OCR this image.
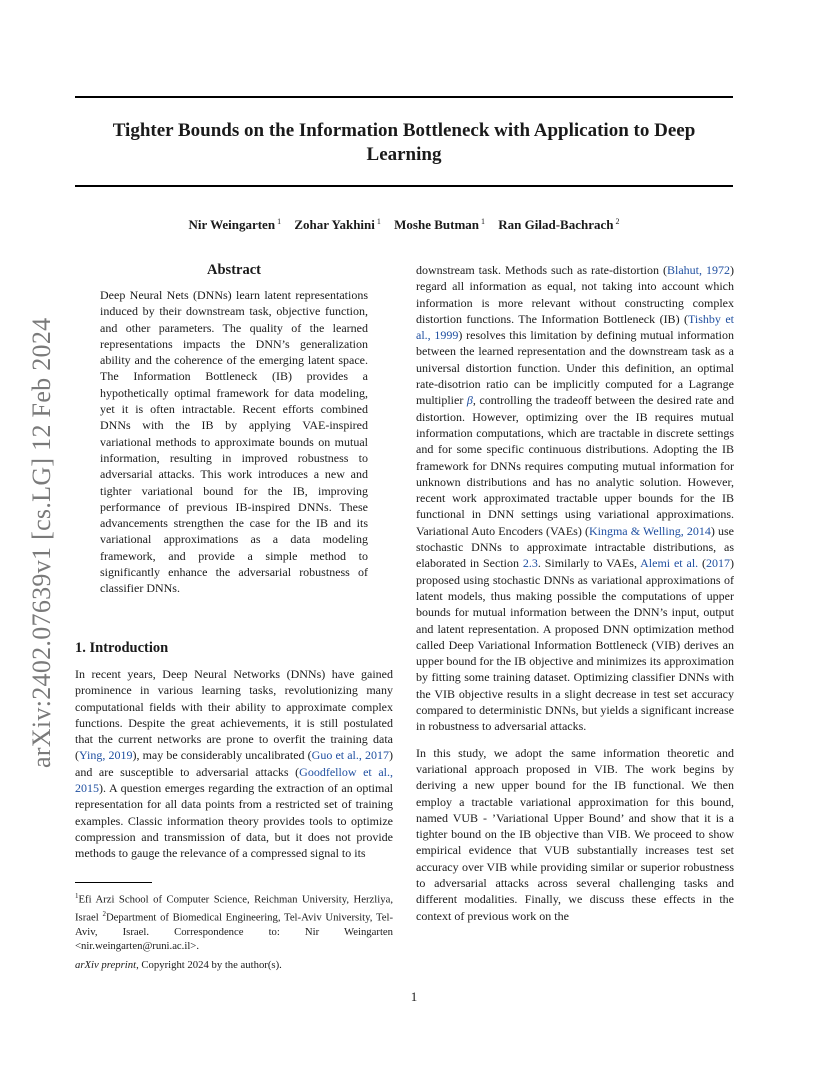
Tighter Bounds on the Information Bottleneck with Application to Deep Learning
Nir Weingarten $^1$ Zohar Yakhini $^1$ Moshe Butman $^1$ Ran Gilad-Bachrach $^2$
arXiv:2402.07639v1 [cs.LG] 12 Feb 2024
Abstract

Deep Neural Nets (DNNs) learn latent representations induced by their downstream task, objective function, and other parameters. The quality of the learned representations impacts the DNN’s generalization ability and the coherence of the emerging latent space. The Information Bottleneck (IB) provides a hypothetically optimal framework for data modeling, yet it is often intractable. Recent efforts combined DNNs with the IB by applying VAE-inspired variational methods to approximate bounds on mutual information, resulting in improved robustness to adversarial attacks. This work introduces a new and tighter variational bound for the IB, improving performance of previous IB-inspired DNNs. These advancements strengthen the case for the IB and its variational approximations as a data modeling framework, and provide a simple method to significantly enhance the adversarial robustness of classifier DNNs.

1. Introduction

In recent years, Deep Neural Networks (DNNs) have gained prominence in various learning tasks, revolutionizing many computational fields with their ability to approximate complex functions. Despite the great achievements, it is still postulated that the current networks are prone to overfit the training data (Ying, 2019), may be considerably uncalibrated (Guo et al., 2017) and are susceptible to adversarial attacks (Goodfellow et al., 2015). A question emerges regarding the extraction of an optimal representation for all data points from a restricted set of training examples. Classic information theory provides tools to optimize compression and transmission of data, but it does not provide methods to gauge the relevance of a compressed signal to its

$^1$Efi Arzi School of Computer Science, Reichman University, Herzliya, Israel $^2$Department of Biomedical Engineering, Tel-Aviv University, Tel-Aviv, Israel. Correspondence to: Nir Weingarten <nir.weingarten@runi.ac.il>.

arXiv preprint, Copyright 2024 by the author(s).

downstream task. Methods such as rate-distortion (Blahut, 1972) regard all information as equal, not taking into account which information is more relevant without constructing complex distortion functions. The Information Bottleneck (IB) (Tishby et al., 1999) resolves this limitation by defining mutual information between the learned representation and the downstream task as a universal distortion function. Under this definition, an optimal rate-disotrion ratio can be implicitly computed for a Lagrange multiplier β, controlling the tradeoff between the desired rate and distortion. However, optimizing over the IB requires mutual information computations, which are tractable in discrete settings and for some specific continuous distributions. Adopting the IB framework for DNNs requires computing mutual information for unknown distributions and has no analytic solution. However, recent work approximated tractable upper bounds for the IB functional in DNN settings using variational approximations. Variational Auto Encoders (VAEs) (Kingma & Welling, 2014) use stochastic DNNs to approximate intractable distributions, as elaborated in Section 2.3. Similarly to VAEs, Alemi et al. (2017) proposed using stochastic DNNs as variational approximations of latent models, thus making possible the computations of upper bounds for mutual information between the DNN’s input, output and latent representation. A proposed DNN optimization method called Deep Variational Information Bottleneck (VIB) derives an upper bound for the IB objective and minimizes its approximation by fitting some training dataset. Optimizing classifier DNNs with the VIB objective results in a slight decrease in test set accuracy compared to deterministic DNNs, but yields a significant increase in robustness to adversarial attacks.

In this study, we adopt the same information theoretic and variational approach proposed in VIB. The work begins by deriving a new upper bound for the IB functional. We then employ a tractable variational approximation for this bound, named VUB - ’Variational Upper Bound’ and show that it is a tighter bound on the IB objective than VIB. We proceed to show empirical evidence that VUB substantially increases test set accuracy over VIB while providing similar or superior robustness to adversarial attacks across several challenging tasks and different modalities. Finally, we discuss these effects in the context of previous work on the

1
